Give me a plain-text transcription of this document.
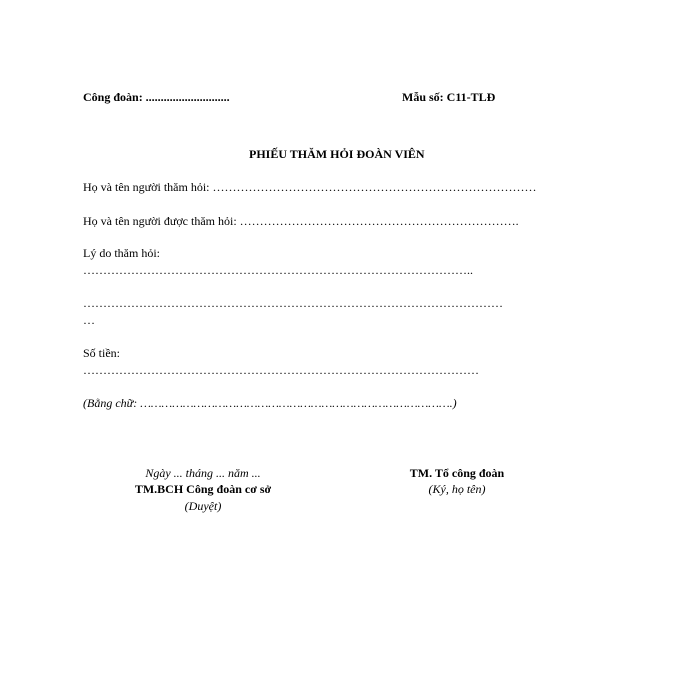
Công đoàn: ............................	Mẫu số: C11-TLĐ
PHIẾU THĂM HỎI ĐOÀN VIÊN
Họ và tên người thăm hỏi: ………………………………………………………………………
Họ và tên người được thăm hỏi: …………………………………………………………….
Lý do thăm hỏi:
……………………………………………………………………………………..
……………………………………………………………………………………………
…
Số tiền:
………………………………………………………………………………………
(Bằng chữ: …………………………………………………………………………….)
Ngày ... tháng ... năm ...
TM.BCH Công đoàn cơ sở
(Duyệt)
TM. Tổ công đoàn
(Ký, họ tên)
